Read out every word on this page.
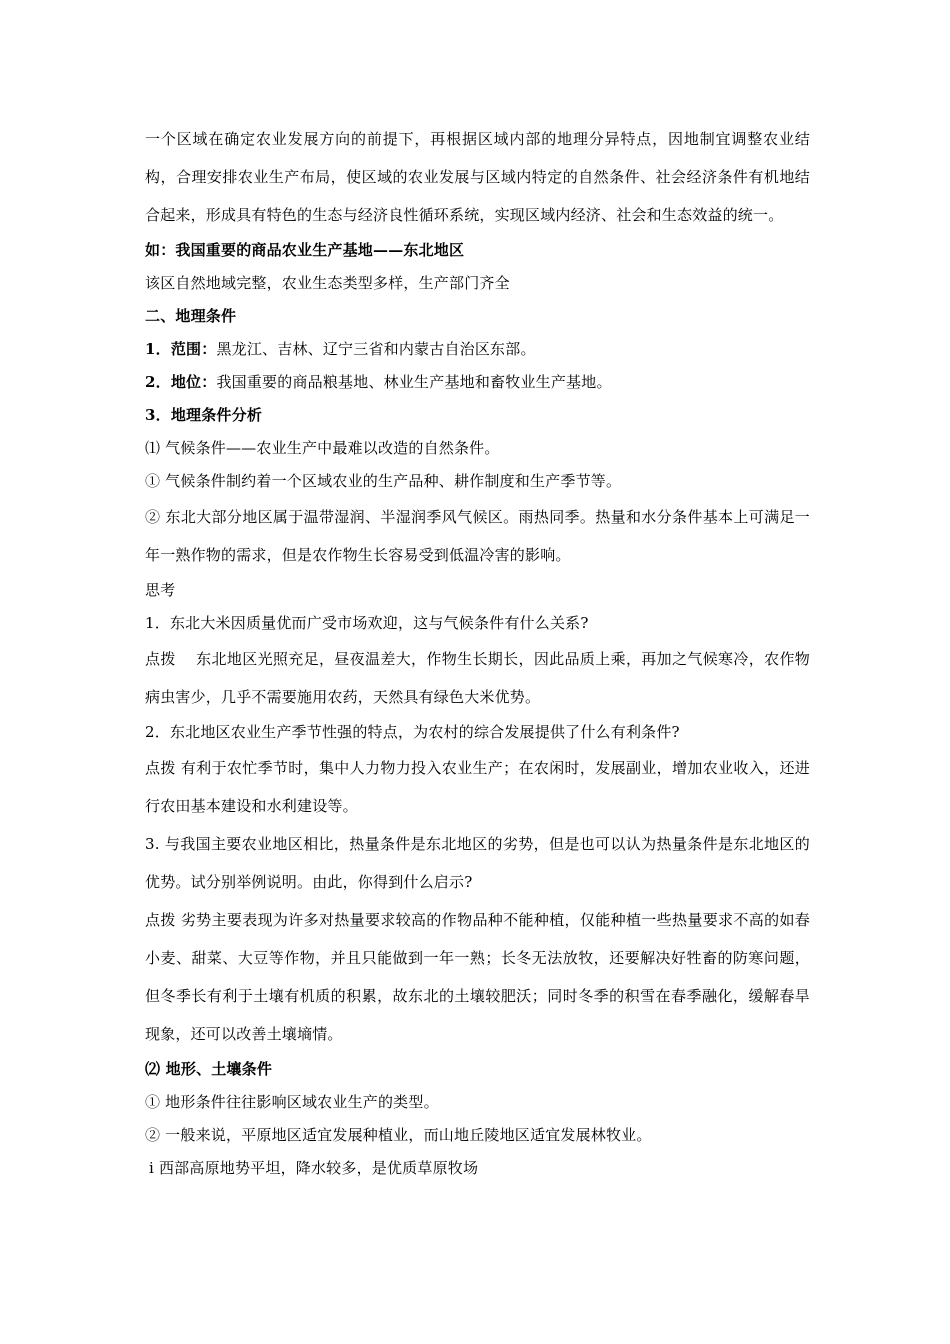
一个区域在确定农业发展方向的前提下，再根据区域内部的地理分异特点，因地制宜调整农业结构，合理安排农业生产布局，使区域的农业发展与区域内特定的自然条件、社会经济条件有机地结合起来，形成具有特色的生态与经济良性循环系统，实现区域内经济、社会和生态效益的统一。

如：我国重要的商品农业生产基地——东北地区

该区自然地域完整，农业生态类型多样，生产部门齐全

二、地理条件

1．范围：黑龙江、吉林、辽宁三省和内蒙古自治区东部。

2．地位：我国重要的商品粮基地、林业生产基地和畜牧业生产基地。

3．地理条件分析

⑴ 气候条件——农业生产中最难以改造的自然条件。

① 气候条件制约着一个区域农业的生产品种、耕作制度和生产季节等。

② 东北大部分地区属于温带湿润、半湿润季风气候区。雨热同季。热量和水分条件基本上可满足一年一熟作物的需求，但是农作物生长容易受到低温冷害的影响。

思考

1．东北大米因质量优而广受市场欢迎，这与气候条件有什么关系?

点拨　 东北地区光照充足，昼夜温差大，作物生长期长，因此品质上乘，再加之气候寒冷，农作物病虫害少，几乎不需要施用农药，天然具有绿色大米优势。

2．东北地区农业生产季节性强的特点，为农村的综合发展提供了什么有利条件?

点拨 有利于农忙季节时，集中人力物力投入农业生产；在农闲时，发展副业，增加农业收入，还进行农田基本建设和水利建设等。

3. 与我国主要农业地区相比，热量条件是东北地区的劣势，但是也可以认为热量条件是东北地区的优势。试分别举例说明。由此，你得到什么启示?

点拨 劣势主要表现为许多对热量要求较高的作物品种不能种植，仅能种植一些热量要求不高的如春小麦、甜菜、大豆等作物，并且只能做到一年一熟；长冬无法放牧，还要解决好牲畜的防寒问题，但冬季长有利于土壤有机质的积累，故东北的土壤较肥沃；同时冬季的积雪在春季融化，缓解春旱现象，还可以改善土壤墒情。

⑵ 地形、土壤条件

① 地形条件往往影响区域农业生产的类型。

② 一般来说，平原地区适宜发展种植业，而山地丘陵地区适宜发展林牧业。

ⅰ 西部高原地势平坦，降水较多，是优质草原牧场
